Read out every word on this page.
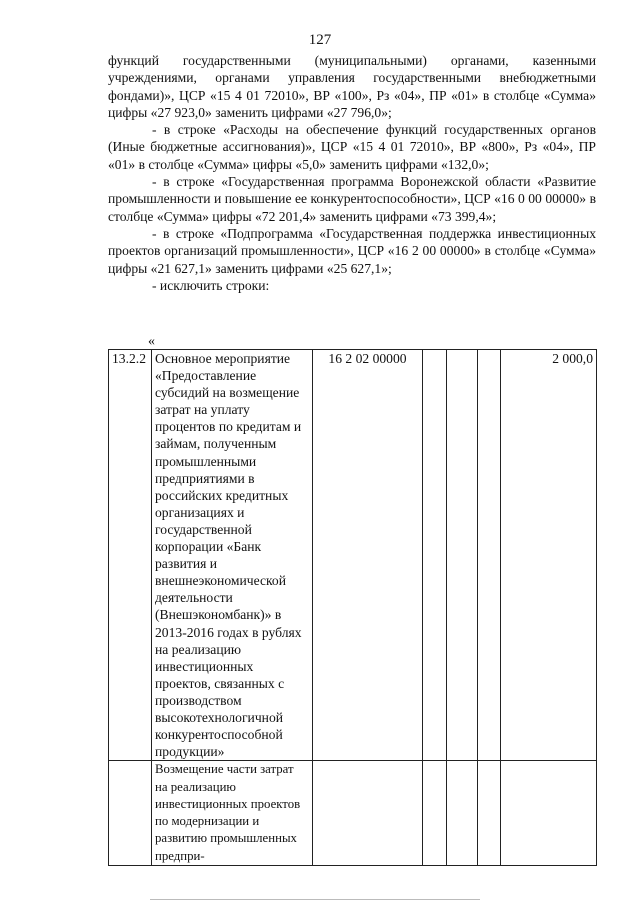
127

функций государственными (муниципальными) органами, казенными учреждениями, органами управления государственными внебюджетными фондами)», ЦСР «15 4 01 72010», ВР «100», Рз «04», ПР «01» в столбце «Сумма» цифры «27 923,0» заменить цифрами «27 796,0»;

- в строке «Расходы на обеспечение функций государственных органов (Иные бюджетные ассигнования)», ЦСР «15 4 01 72010», ВР «800», Рз «04», ПР «01» в столбце «Сумма» цифры «5,0» заменить цифрами «132,0»;

- в строке «Государственная программа Воронежской области «Развитие промышленности и повышение ее конкурентоспособности», ЦСР «16 0 00 00000» в столбце «Сумма» цифры «72 201,4» заменить цифрами «73 399,4»;

- в строке «Подпрограмма «Государственная поддержка инвестиционных проектов организаций промышленности», ЦСР «16 2 00 00000» в столбце «Сумма» цифры «21 627,1» заменить цифрами «25 627,1»;

- исключить строки:

«
13.2.2	Основное мероприятие «Предоставление субсидий на возмещение затрат на уплату процентов по кредитам и займам, полученным промышленными предприятиями в российских кредитных организациях и государственной корпорации «Банк развития и внешнеэкономической деятельности (Внешэкономбанк)» в 2013-2016 годах в рублях на реализацию инвестиционных проектов, связанных с производством высокотехнологичной конкурентоспособной продукции»	16 2 02 00000				2 000,0
	Возмещение части затрат на реализацию инвестиционных проектов по модернизации и развитию промышленных предпри-					
